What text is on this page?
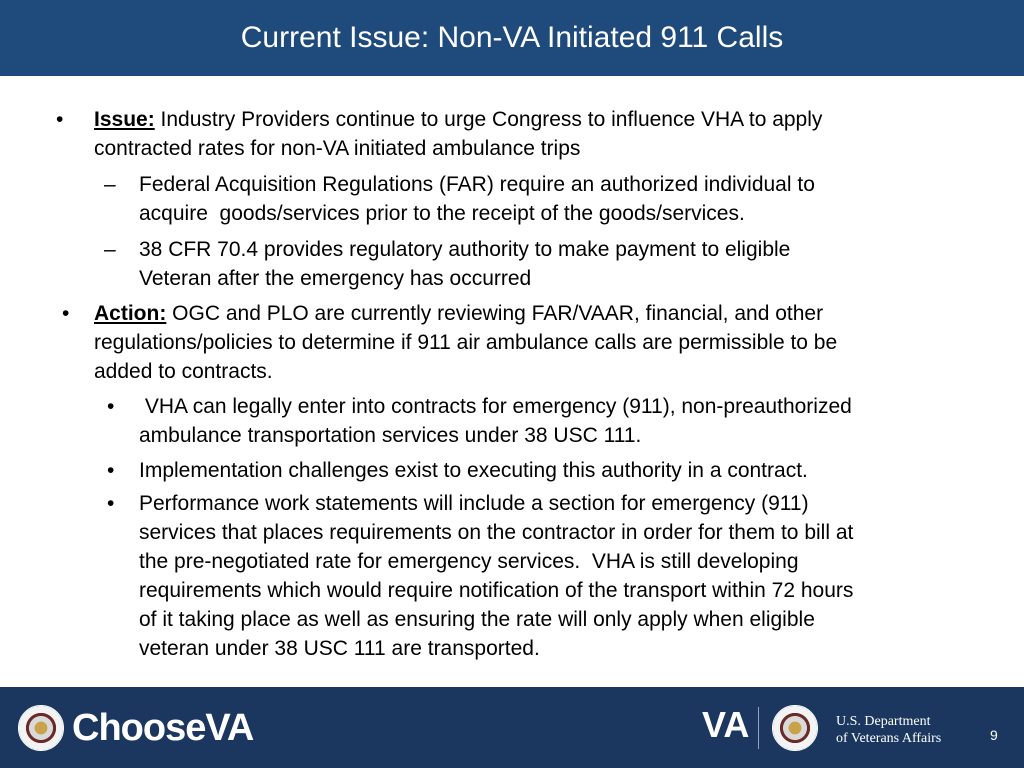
Current Issue: Non-VA Initiated 911 Calls
• Issue: Industry Providers continue to urge Congress to influence VHA to apply
contracted rates for non-VA initiated ambulance trips
– Federal Acquisition Regulations (FAR) require an authorized individual to
acquire  goods/services prior to the receipt of the goods/services.
– 38 CFR 70.4 provides regulatory authority to make payment to eligible
Veteran after the emergency has occurred
• Action: OGC and PLO are currently reviewing FAR/VAAR, financial, and other
regulations/policies to determine if 911 air ambulance calls are permissible to be
added to contracts.
• VHA can legally enter into contracts for emergency (911), non-preauthorized
ambulance transportation services under 38 USC 111.
• Implementation challenges exist to executing this authority in a contract.
• Performance work statements will include a section for emergency (911)
services that places requirements on the contractor in order for them to bill at
the pre-negotiated rate for emergency services.  VHA is still developing
requirements which would require notification of the transport within 72 hours
of it taking place as well as ensuring the rate will only apply when eligible
veteran under 38 USC 111 are transported.
ChooseVA	VA	U.S. Department
of Veterans Affairs	9
